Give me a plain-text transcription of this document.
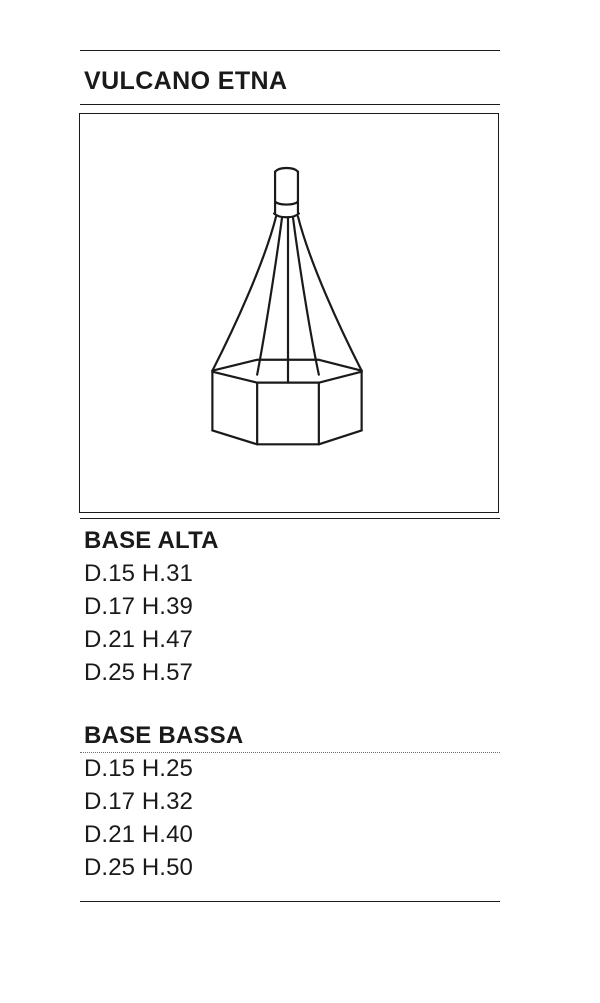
VULCANO ETNA
BASE ALTA
D.15 H.31
D.17 H.39
D.21 H.47
D.25 H.57
BASE BASSA
D.15 H.25
D.17 H.32
D.21 H.40
D.25 H.50
